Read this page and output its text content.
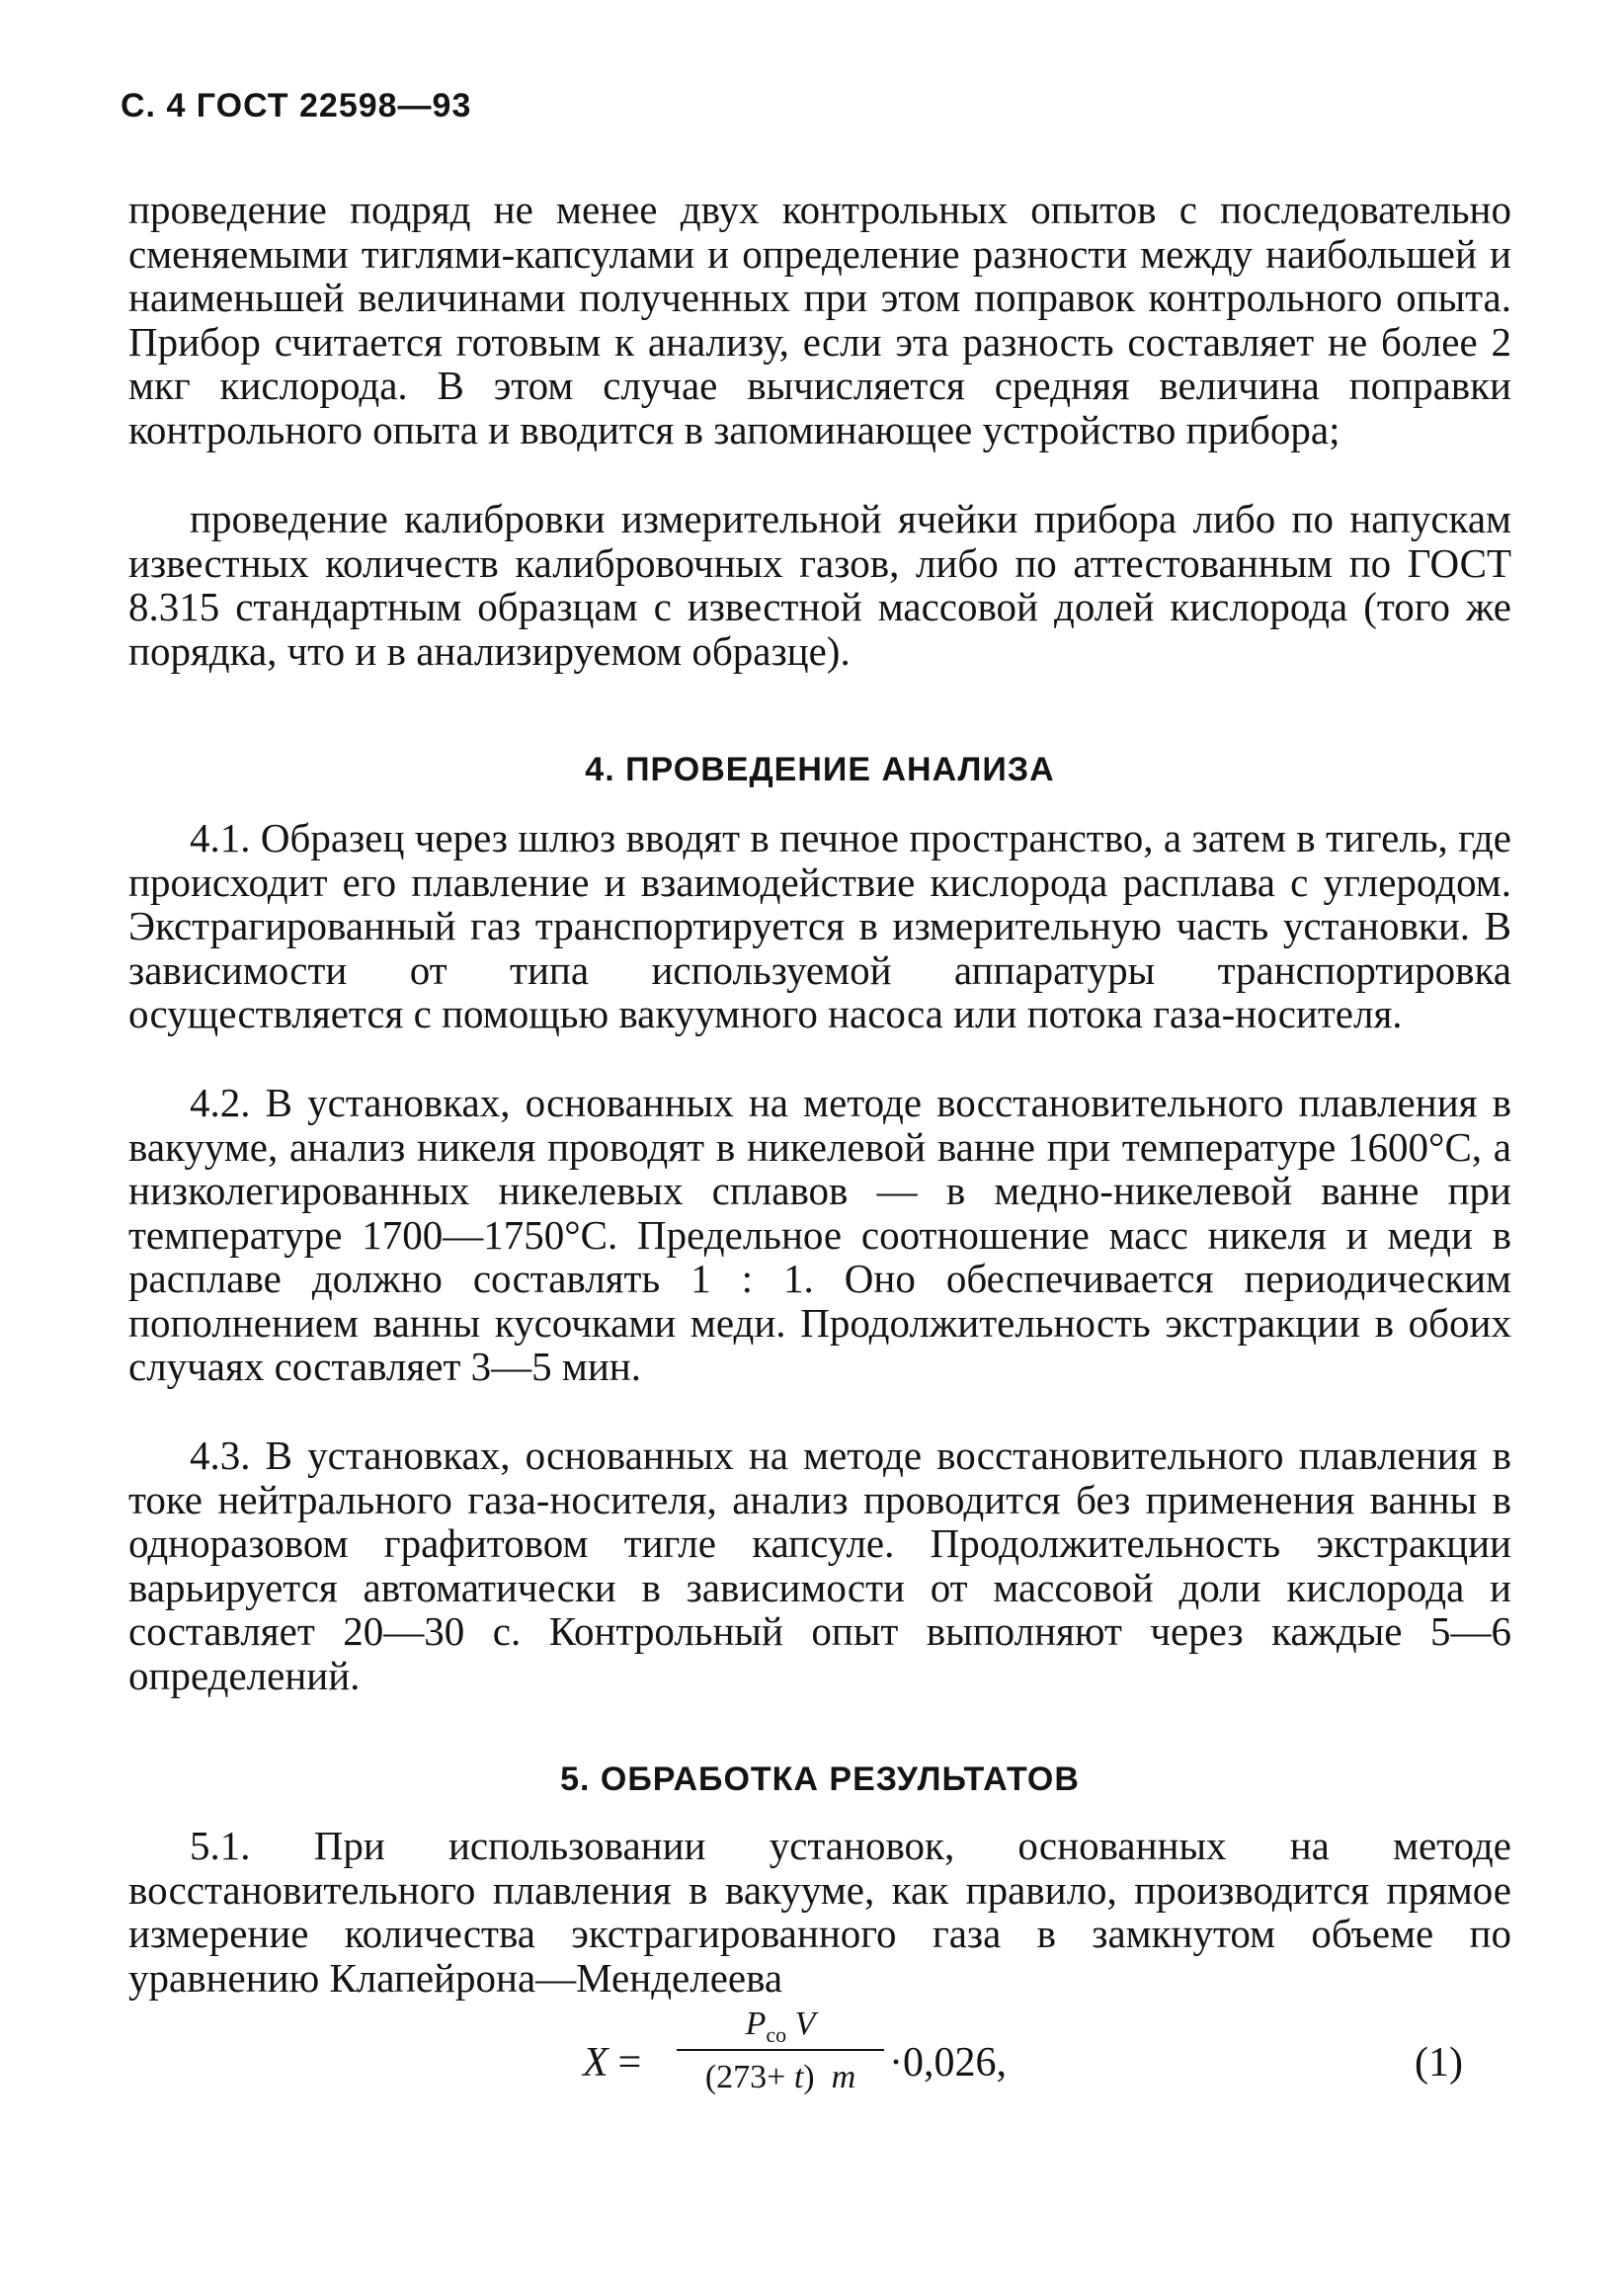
С. 4 ГОСТ 22598—93

проведение подряд не менее двух контрольных опытов с последовательно сменяемыми тиглями-капсулами и определение разности между наибольшей и наименьшей величинами полученных при этом поправок контрольного опыта. Прибор считается готовым к анализу, если эта разность составляет не более 2 мкг кислорода. В этом случае вычисляется средняя величина поправки контрольного опыта и вводится в запоминающее устройство прибора;

проведение калибровки измерительной ячейки прибора либо по напускам известных количеств калибровочных газов, либо по аттестованным по ГОСТ 8.315 стандартным образцам с известной массовой долей кислорода (того же порядка, что и в анализируемом образце).

4. ПРОВЕДЕНИЕ АНАЛИЗА

4.1. Образец через шлюз вводят в печное пространство, а затем в тигель, где происходит его плавление и взаимодействие кислорода расплава с углеродом. Экстрагированный газ транспортируется в измерительную часть установки. В зависимости от типа используемой аппаратуры транспортировка осуществляется с помощью вакуумного насоса или потока газа-носителя.

4.2. В установках, основанных на методе восстановительного плавления в вакууме, анализ никеля проводят в никелевой ванне при температуре 1600°С, а низколегированных никелевых сплавов — в медно-никелевой ванне при температуре 1700—1750°С. Предельное соотношение масс никеля и меди в расплаве должно составлять 1 : 1. Оно обеспечивается периодическим пополнением ванны кусочками меди. Продолжительность экстракции в обоих случаях составляет 3—5 мин.

4.3. В установках, основанных на методе восстановительного плавления в токе нейтрального газа-носителя, анализ проводится без применения ванны в одноразовом графитовом тигле капсуле. Продолжительность экстракции варьируется автоматически в зависимости от массовой доли кислорода и составляет 20—30 с. Контрольный опыт выполняют через каждые 5—6 определений.

5. ОБРАБОТКА РЕЗУЛЬТАТОВ

5.1. При использовании установок, основанных на методе восстановительного плавления в вакууме, как правило, производится прямое измерение количества экстрагированного газа в замкнутом объеме по уравнению Клапейрона—Менделеева

X =
$P_{co}$ V
(273+ t) m ·0,026,	(1)
